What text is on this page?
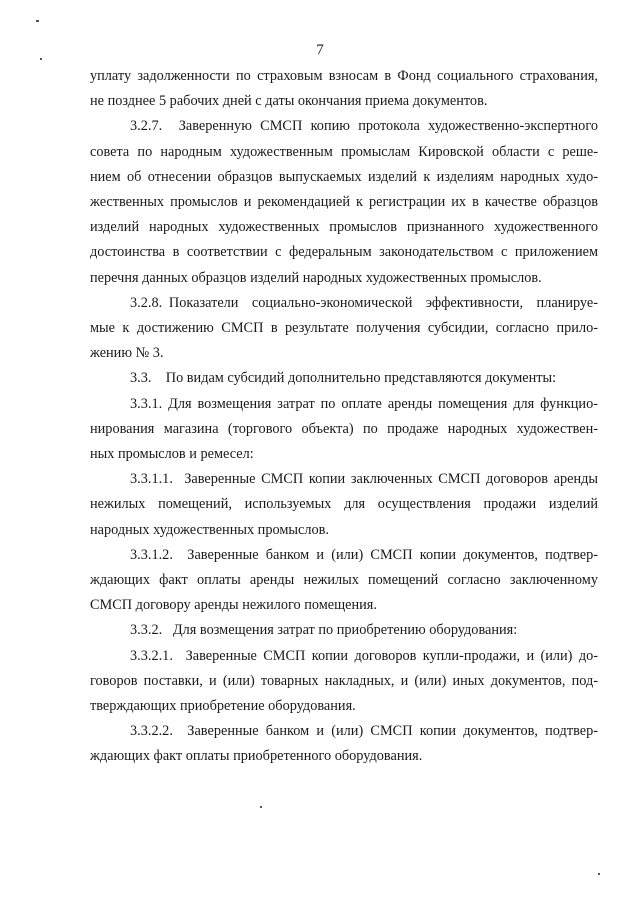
7
уплату задолженности по страховым взносам в Фонд социального страхования,
не позднее 5 рабочих дней с даты окончания приема документов.
3.2.7.  Заверенную СМСП копию протокола художественно-экспертного
совета по народным художественным промыслам Кировской области с реше-
нием об отнесении образцов выпускаемых изделий к изделиям народных худо-
жественных промыслов и рекомендацией к регистрации их в качестве образцов
изделий народных художественных промыслов признанного художественного
достоинства в соответствии с федеральным законодательством с приложением
перечня данных образцов изделий народных художественных промыслов.
3.2.8. Показатели  социально-экономической  эффективности,  планируе-
мые к достижению СМСП в результате получения субсидии, согласно прило-
жению № 3.
3.3.    По видам субсидий дополнительно представляются документы:
3.3.1. Для возмещения затрат по оплате аренды помещения для функцио-
нирования магазина (торгового объекта) по продаже народных художествен-
ных промыслов и ремесел:
3.3.1.1.  Заверенные СМСП копии заключенных СМСП договоров аренды
нежилых  помещений,  используемых  для  осуществления  продажи  изделий
народных художественных промыслов.
3.3.1.2.  Заверенные банком и (или) СМСП копии документов, подтвер-
ждающих факт оплаты аренды нежилых помещений согласно заключенному
СМСП договору аренды нежилого помещения.
3.3.2.   Для возмещения затрат по приобретению оборудования:
3.3.2.1.  Заверенные СМСП копии договоров купли-продажи, и (или) до-
говоров поставки, и (или) товарных накладных, и (или) иных документов, под-
тверждающих приобретение оборудования.
3.3.2.2.  Заверенные банком и (или) СМСП копии документов, подтвер-
ждающих факт оплаты приобретенного оборудования.
